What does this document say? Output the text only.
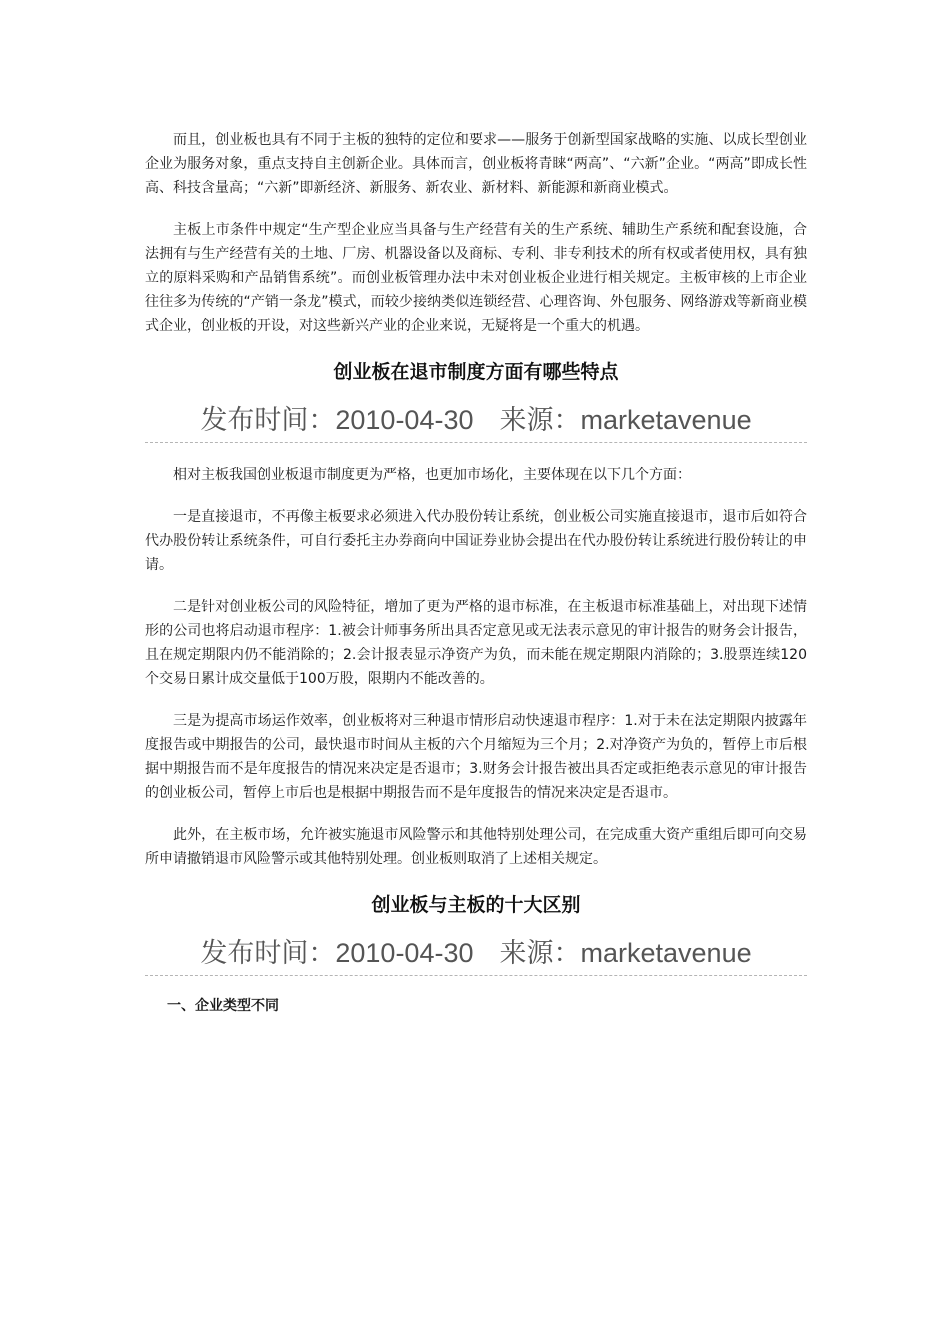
而且，创业板也具有不同于主板的独特的定位和要求——服务于创新型国家战略的实施、以成长型创业企业为服务对象，重点支持自主创新企业。具体而言，创业板将青睐“两高”、“六新”企业。“两高”即成长性高、科技含量高；“六新”即新经济、新服务、新农业、新材料、新能源和新商业模式。

主板上市条件中规定“生产型企业应当具备与生产经营有关的生产系统、辅助生产系统和配套设施，合法拥有与生产经营有关的土地、厂房、机器设备以及商标、专利、非专利技术的所有权或者使用权，具有独立的原料采购和产品销售系统”。而创业板管理办法中未对创业板企业进行相关规定。主板审核的上市企业往往多为传统的“产销一条龙”模式，而较少接纳类似连锁经营、心理咨询、外包服务、网络游戏等新商业模式企业，创业板的开设，对这些新兴产业的企业来说，无疑将是一个重大的机遇。

创业板在退市制度方面有哪些特点

发布时间：2010-04-30 来源：marketavenue

相对主板我国创业板退市制度更为严格，也更加市场化，主要体现在以下几个方面：

一是直接退市，不再像主板要求必须进入代办股份转让系统，创业板公司实施直接退市，退市后如符合代办股份转让系统条件，可自行委托主办券商向中国证券业协会提出在代办股份转让系统进行股份转让的申请。

二是针对创业板公司的风险特征，增加了更为严格的退市标准，在主板退市标准基础上，对出现下述情形的公司也将启动退市程序：1.被会计师事务所出具否定意见或无法表示意见的审计报告的财务会计报告，且在规定期限内仍不能消除的；2.会计报表显示净资产为负，而未能在规定期限内消除的；3.股票连续120个交易日累计成交量低于100万股，限期内不能改善的。

三是为提高市场运作效率，创业板将对三种退市情形启动快速退市程序：1.对于未在法定期限内披露年度报告或中期报告的公司，最快退市时间从主板的六个月缩短为三个月；2.对净资产为负的，暂停上市后根据中期报告而不是年度报告的情况来决定是否退市；3.财务会计报告被出具否定或拒绝表示意见的审计报告的创业板公司，暂停上市后也是根据中期报告而不是年度报告的情况来决定是否退市。

此外，在主板市场，允许被实施退市风险警示和其他特别处理公司，在完成重大资产重组后即可向交易所申请撤销退市风险警示或其他特别处理。创业板则取消了上述相关规定。

创业板与主板的十大区别

发布时间：2010-04-30 来源：marketavenue

一、企业类型不同
